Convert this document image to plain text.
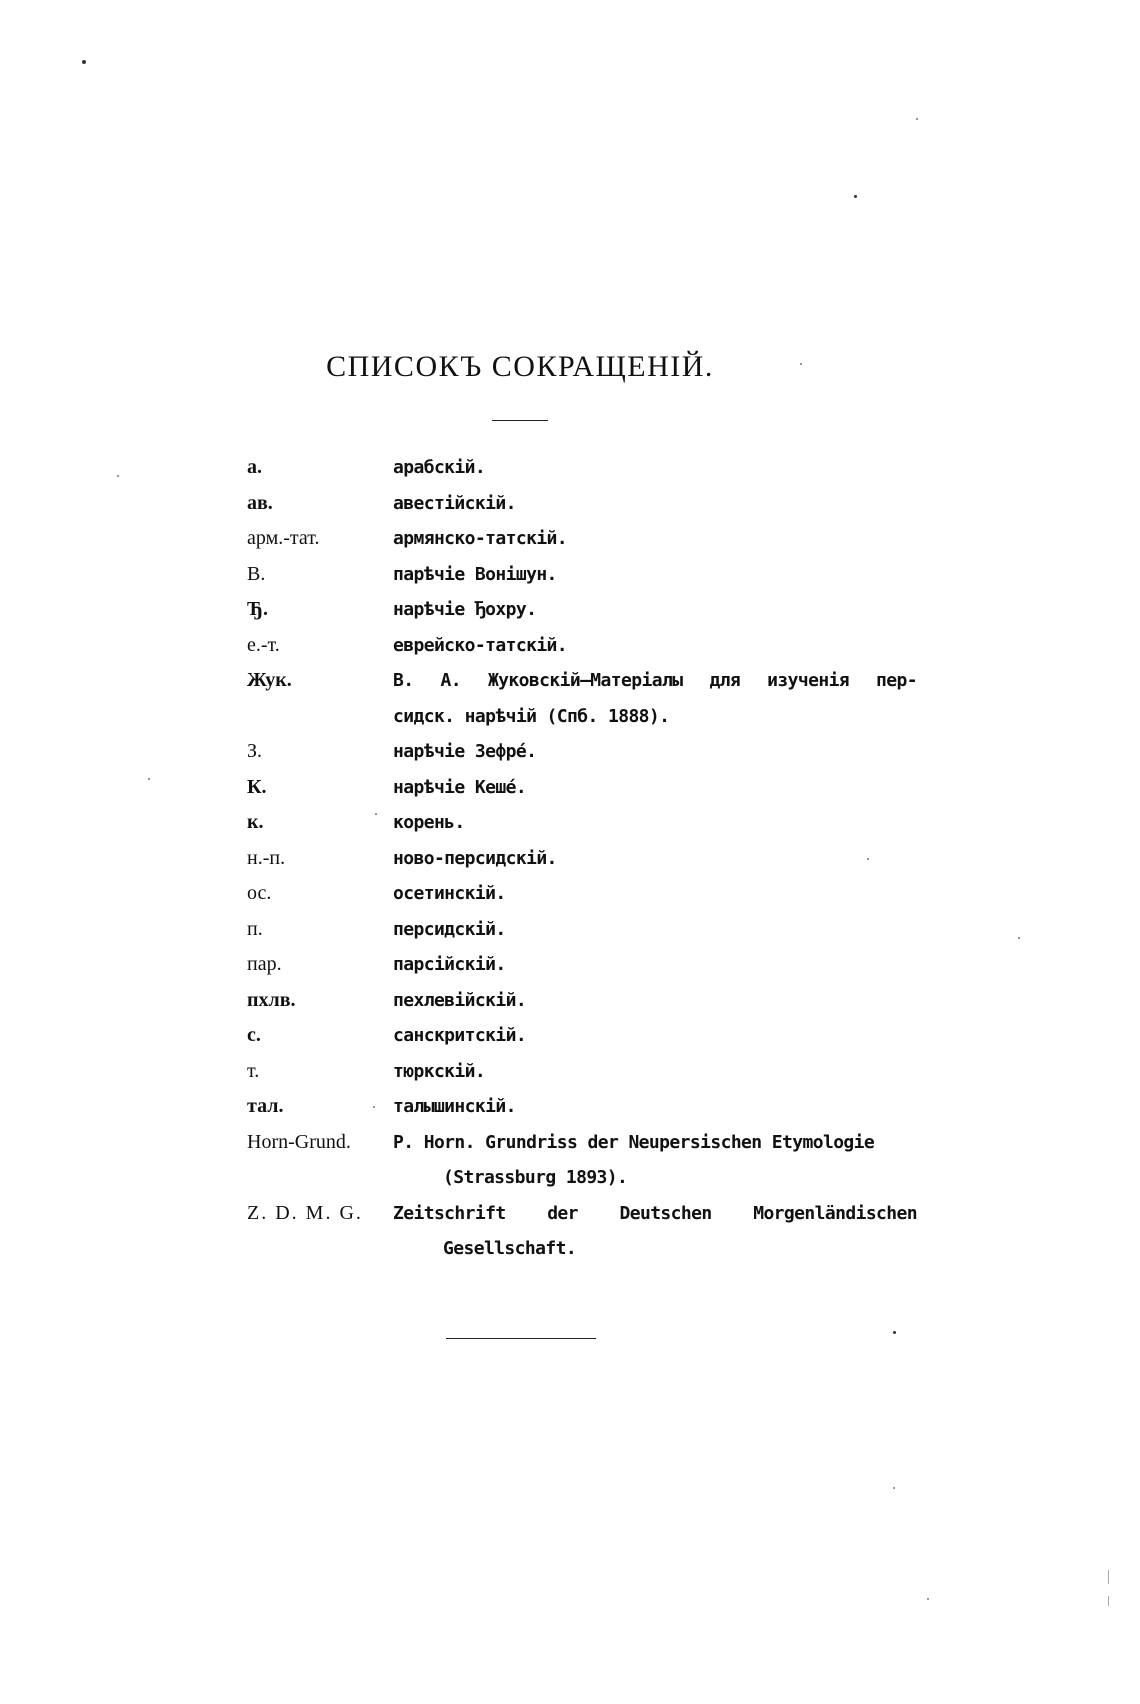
СПИСОКЪ СОКРАЩЕНІЙ.
а.	арабскій.
ав.	авестійскій.
арм.-тат.	армянско-татскій.
В.	парѣчіе Вонішун.
Ђ.	нарѣчіе Ђохру.
е.-т.	еврейско-татскій.
Жук.	В. А. Жуковскій—Матеріалы для изученія пер-
сидск. нарѣчій (Спб. 1888).
З.	нарѣчіе Зефрé.
К.	нарѣчіе Кешé.
к.	корень.
н.-п.	ново-персидскій.
ос.	осетинскій.
п.	персидскій.
пар.	парсійскій.
пхлв.	пехлевійскій.
с.	санскритскій.
т.	тюркскій.
тал.	талышинскій.
Horn-Grund.	P. Horn. Grundriss der Neupersischen Etymologie
(Strassburg 1893).
Z. D. M. G.	Zeitschrift der Deutschen Morgenländischen
Gesellschaft.
